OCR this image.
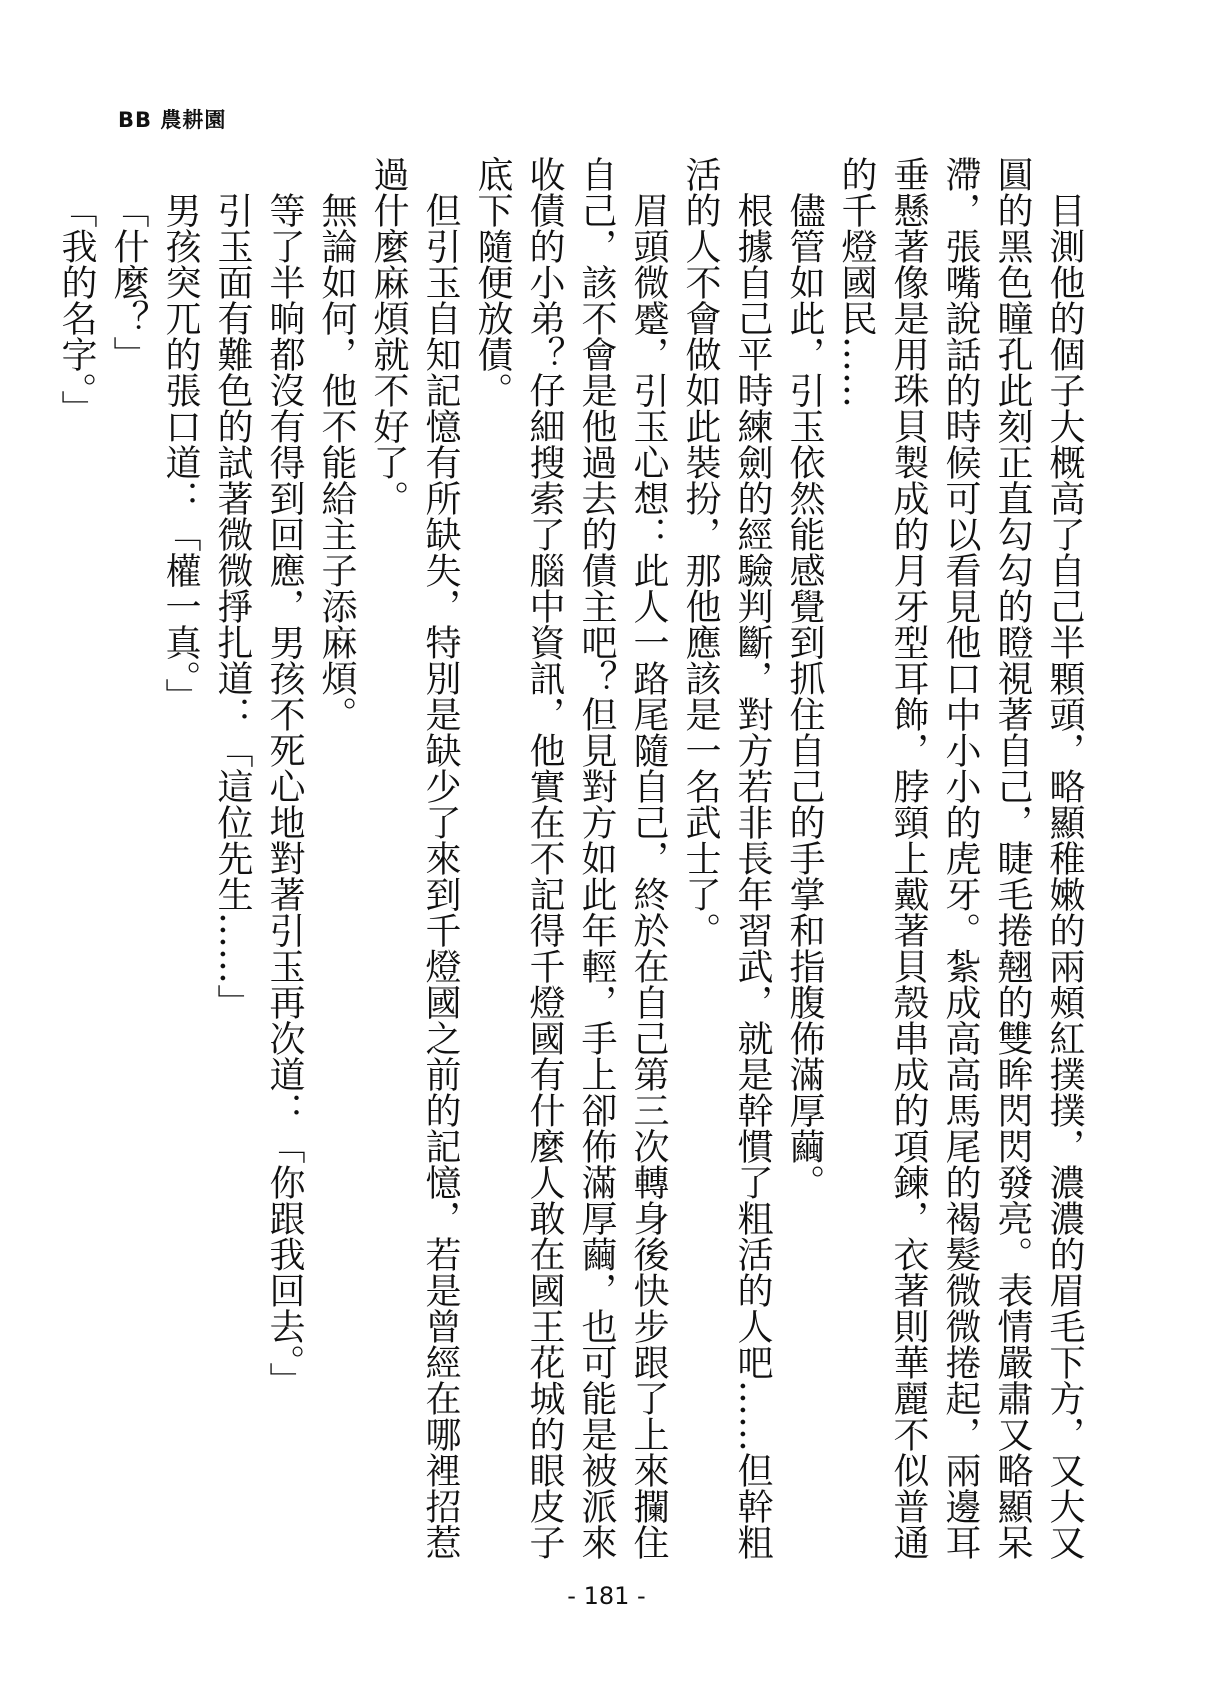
BB 農耕園

目測他的個子大概高了自己半顆頭，略顯稚嫩的兩頰紅撲撲，濃濃的眉毛下方，又大又圓的黑色瞳孔此刻正直勾勾的瞪視著自己，睫毛捲翹的雙眸閃閃發亮。表情嚴肅又略顯呆滯，張嘴說話的時候可以看見他口中小小的虎牙。紮成高高馬尾的褐髮微微捲起，兩邊耳垂懸著像是用珠貝製成的月牙型耳飾，脖頸上戴著貝殼串成的項鍊，衣著則華麗不似普通的千燈國民……

儘管如此，引玉依然能感覺到抓住自己的手掌和指腹佈滿厚繭。

根據自己平時練劍的經驗判斷，對方若非長年習武，就是幹慣了粗活的人吧……但幹粗活的人不會做如此裝扮，那他應該是一名武士了。

眉頭微蹙，引玉心想：此人一路尾隨自己，終於在自己第三次轉身後快步跟了上來攔住自己，該不會是他過去的債主吧？但見對方如此年輕，手上卻佈滿厚繭，也可能是被派來收債的小弟？仔細搜索了腦中資訊，他實在不記得千燈國有什麼人敢在國王花城的眼皮子底下隨便放債。

但引玉自知記憶有所缺失，特別是缺少了來到千燈國之前的記憶，若是曾經在哪裡招惹過什麼麻煩就不好了。

無論如何，他不能給主子添麻煩。

等了半晌都沒有得到回應，男孩不死心地對著引玉再次道：「你跟我回去。」

引玉面有難色的試著微微掙扎道：「這位先生……」

男孩突兀的張口道：「權一真。」

「什麼？」

「我的名字。」

- 181 -
